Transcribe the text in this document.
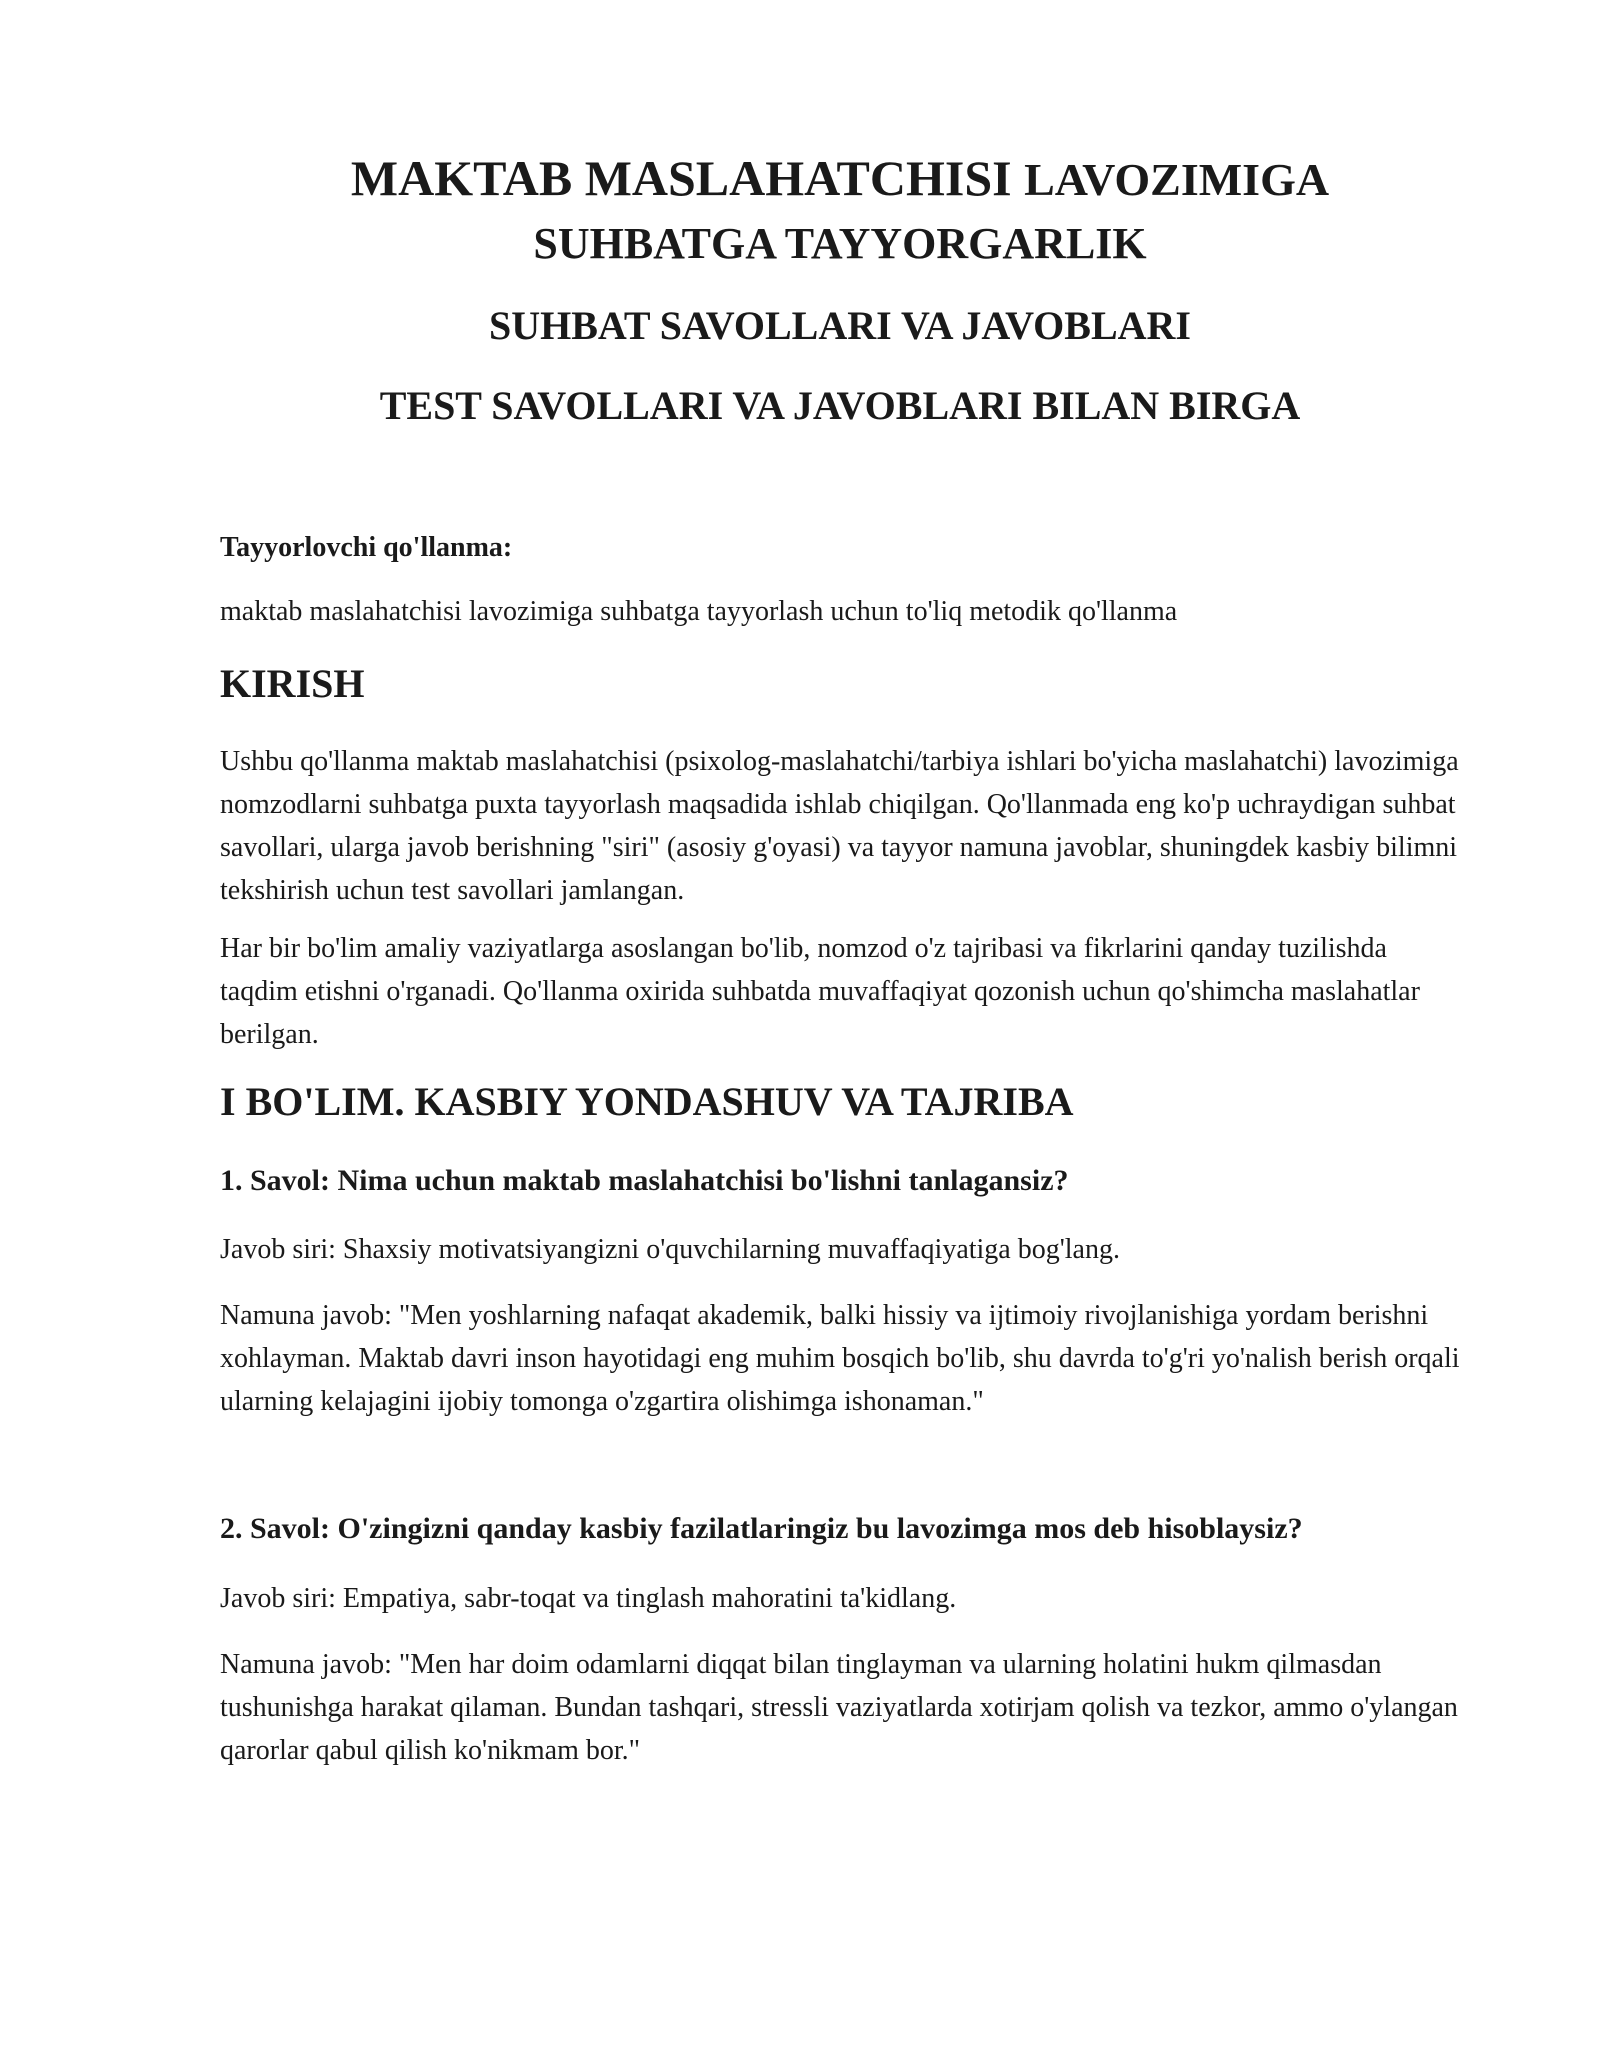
MAKTAB MASLAHATCHISI LAVOZIMIGA
SUHBATGA TAYYORGARLIK
SUHBAT SAVOLLARI VA JAVOBLARI
TEST SAVOLLARI VA JAVOBLARI BILAN BIRGA
Tayyorlovchi qo'llanma:
maktab maslahatchisi lavozimiga suhbatga tayyorlash uchun to'liq metodik qo'llanma
KIRISH
Ushbu qo'llanma maktab maslahatchisi (psixolog-maslahatchi/tarbiya ishlari bo'yicha maslahatchi) lavozimiga nomzodlarni suhbatga puxta tayyorlash maqsadida ishlab chiqilgan. Qo'llanmada eng ko'p uchraydigan suhbat savollari, ularga javob berishning "siri" (asosiy g'oyasi) va tayyor namuna javoblar, shuningdek kasbiy bilimni tekshirish uchun test savollari jamlangan.
Har bir bo'lim amaliy vaziyatlarga asoslangan bo'lib, nomzod o'z tajribasi va fikrlarini qanday tuzilishda taqdim etishni o'rganadi. Qo'llanma oxirida suhbatda muvaffaqiyat qozonish uchun qo'shimcha maslahatlar berilgan.
I BO'LIM. KASBIY YONDASHUV VA TAJRIBA
1. Savol: Nima uchun maktab maslahatchisi bo'lishni tanlagansiz?
Javob siri: Shaxsiy motivatsiyangizni o'quvchilarning muvaffaqiyatiga bog'lang.
Namuna javob: "Men yoshlarning nafaqat akademik, balki hissiy va ijtimoiy rivojlanishiga yordam berishni xohlayman. Maktab davri inson hayotidagi eng muhim bosqich bo'lib, shu davrda to'g'ri yo'nalish berish orqali ularning kelajagini ijobiy tomonga o'zgartira olishimga ishonaman."
2. Savol: O'zingizni qanday kasbiy fazilatlaringiz bu lavozimga mos deb hisoblaysiz?
Javob siri: Empatiya, sabr-toqat va tinglash mahoratini ta'kidlang.
Namuna javob: "Men har doim odamlarni diqqat bilan tinglayman va ularning holatini hukm qilmasdan tushunishga harakat qilaman. Bundan tashqari, stressli vaziyatlarda xotirjam qolish va tezkor, ammo o'ylangan qarorlar qabul qilish ko'nikmam bor."
